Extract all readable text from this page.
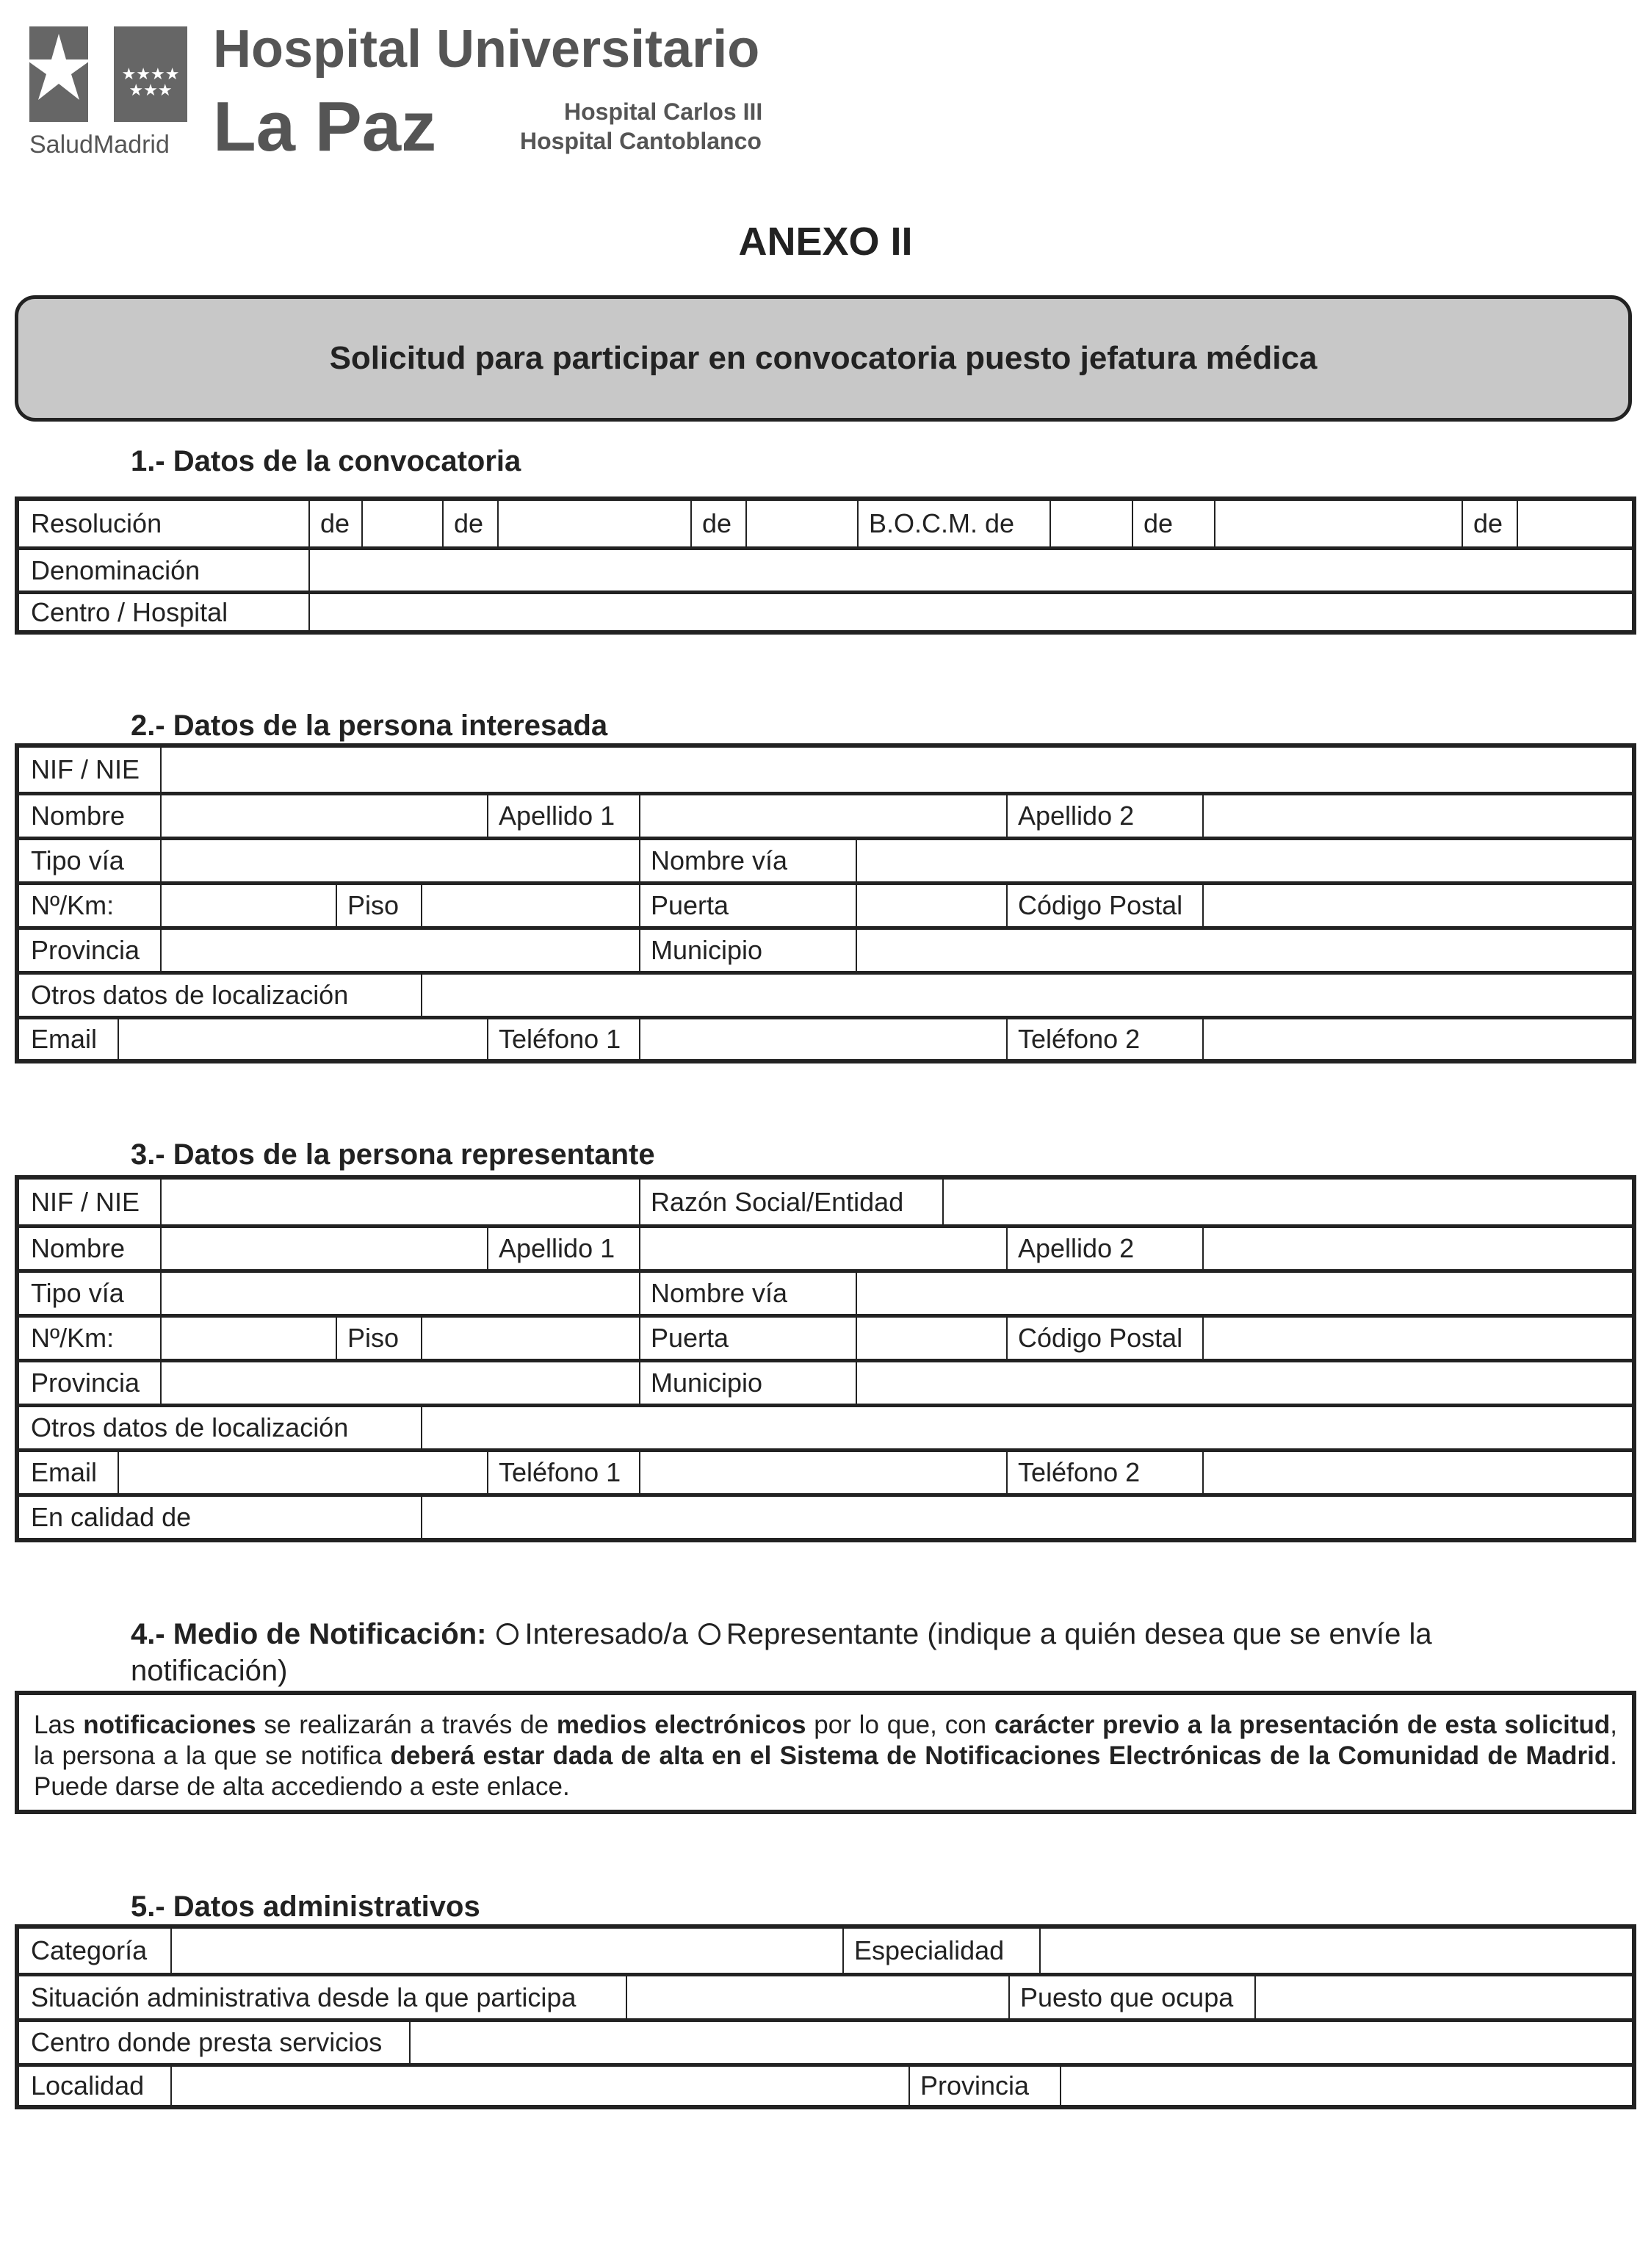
★★★★
★★★
SaludMadrid
Hospital Universitario
La Paz	Hospital Carlos III
Hospital Cantoblanco
ANEXO II
Solicitud para participar en convocatoria puesto jefatura médica
1.- Datos de la convocatoria
Resolución	de	de	de	B.O.C.M. de	de	de
Denominación
Centro / Hospital
2.- Datos de la persona interesada
NIF / NIE
Nombre	Apellido 1	Apellido 2
Tipo vía	Nombre vía
Nº/Km:	Piso	Puerta	Código Postal
Provincia	Municipio
Otros datos de localización
Email	Teléfono 1	Teléfono 2
3.- Datos de la persona representante
NIF / NIE	Razón Social/Entidad
Nombre	Apellido 1	Apellido 2
Tipo vía	Nombre vía
Nº/Km:	Piso	Puerta	Código Postal
Provincia	Municipio
Otros datos de localización
Email	Teléfono 1	Teléfono 2
En calidad de
4.- Medio de Notificación: Interesado/a Representante (indique a quién desea que se envíe la notificación)
Las notificaciones se realizarán a través de medios electrónicos por lo que, con carácter previo a la presentación de esta solicitud, la persona a la que se notifica deberá estar dada de alta en el Sistema de Notificaciones Electrónicas de la Comunidad de Madrid. Puede darse de alta accediendo a este enlace.
5.- Datos administrativos
Categoría	Especialidad
Situación administrativa desde la que participa	Puesto que ocupa
Centro donde presta servicios
Localidad	Provincia
